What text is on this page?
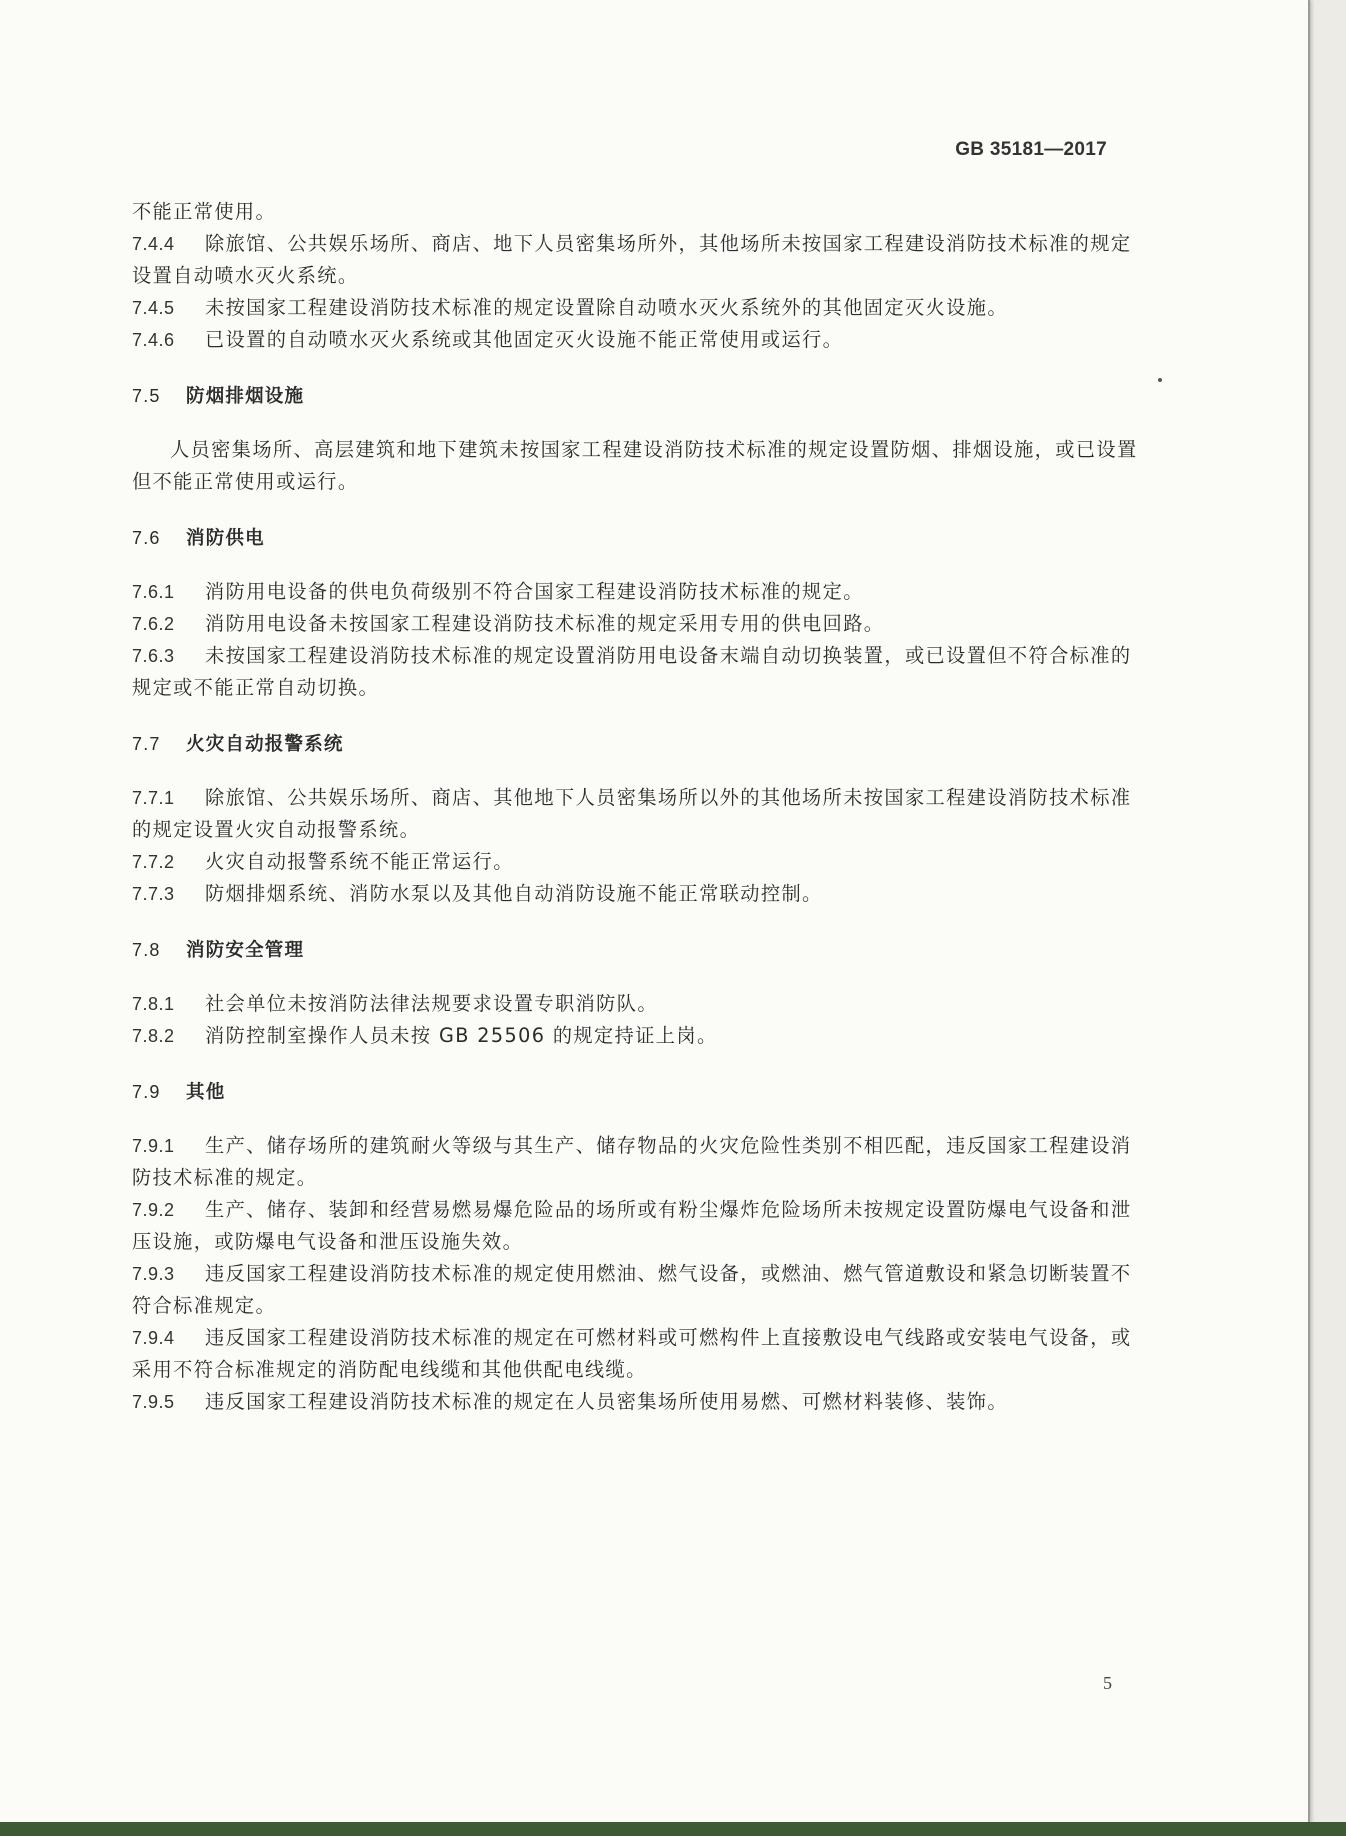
GB 35181—2017

不能正常使用。

7.4.4 除旅馆、公共娱乐场所、商店、地下人员密集场所外，其他场所未按国家工程建设消防技术标准的规定设置自动喷水灭火系统。

7.4.5 未按国家工程建设消防技术标准的规定设置除自动喷水灭火系统外的其他固定灭火设施。

7.4.6 已设置的自动喷水灭火系统或其他固定灭火设施不能正常使用或运行。

7.5 防烟排烟设施

人员密集场所、高层建筑和地下建筑未按国家工程建设消防技术标准的规定设置防烟、排烟设施，或已设置但不能正常使用或运行。

7.6 消防供电

7.6.1 消防用电设备的供电负荷级别不符合国家工程建设消防技术标准的规定。

7.6.2 消防用电设备未按国家工程建设消防技术标准的规定采用专用的供电回路。

7.6.3 未按国家工程建设消防技术标准的规定设置消防用电设备末端自动切换装置，或已设置但不符合标准的规定或不能正常自动切换。

7.7 火灾自动报警系统

7.7.1 除旅馆、公共娱乐场所、商店、其他地下人员密集场所以外的其他场所未按国家工程建设消防技术标准的规定设置火灾自动报警系统。

7.7.2 火灾自动报警系统不能正常运行。

7.7.3 防烟排烟系统、消防水泵以及其他自动消防设施不能正常联动控制。

7.8 消防安全管理

7.8.1 社会单位未按消防法律法规要求设置专职消防队。

7.8.2 消防控制室操作人员未按 GB 25506 的规定持证上岗。

7.9 其他

7.9.1 生产、储存场所的建筑耐火等级与其生产、储存物品的火灾危险性类别不相匹配，违反国家工程建设消防技术标准的规定。

7.9.2 生产、储存、装卸和经营易燃易爆危险品的场所或有粉尘爆炸危险场所未按规定设置防爆电气设备和泄压设施，或防爆电气设备和泄压设施失效。

7.9.3 违反国家工程建设消防技术标准的规定使用燃油、燃气设备，或燃油、燃气管道敷设和紧急切断装置不符合标准规定。

7.9.4 违反国家工程建设消防技术标准的规定在可燃材料或可燃构件上直接敷设电气线路或安装电气设备，或采用不符合标准规定的消防配电线缆和其他供配电线缆。

7.9.5 违反国家工程建设消防技术标准的规定在人员密集场所使用易燃、可燃材料装修、装饰。

5
